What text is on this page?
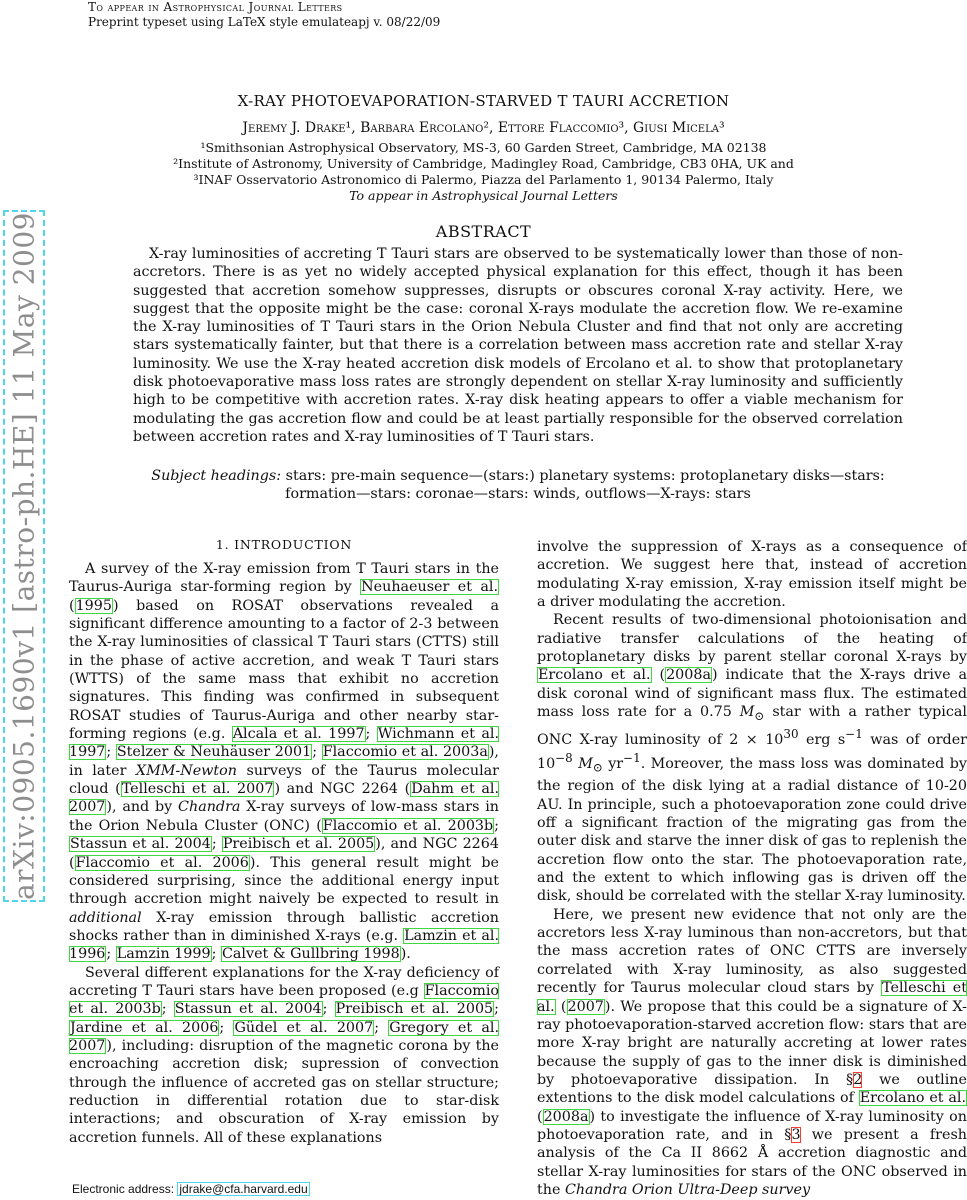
To appear in Astrophysical Journal Letters
Preprint typeset using LaTeX style emulateapj v. 08/22/09
arXiv:0905.1690v1 [astro-ph.HE] 11 May 2009
X-RAY PHOTOEVAPORATION-STARVED T TAURI ACCRETION
Jeremy J. Drake¹, Barbara Ercolano², Ettore Flaccomio³, Giusi Micela³
¹Smithsonian Astrophysical Observatory, MS-3, 60 Garden Street, Cambridge, MA 02138
²Institute of Astronomy, University of Cambridge, Madingley Road, Cambridge, CB3 0HA, UK and
³INAF Osservatorio Astronomico di Palermo, Piazza del Parlamento 1, 90134 Palermo, Italy
To appear in Astrophysical Journal Letters
ABSTRACT
X-ray luminosities of accreting T Tauri stars are observed to be systematically lower than those of non-accretors. There is as yet no widely accepted physical explanation for this effect, though it has been suggested that accretion somehow suppresses, disrupts or obscures coronal X-ray activity. Here, we suggest that the opposite might be the case: coronal X-rays modulate the accretion flow. We re-examine the X-ray luminosities of T Tauri stars in the Orion Nebula Cluster and find that not only are accreting stars systematically fainter, but that there is a correlation between mass accretion rate and stellar X-ray luminosity. We use the X-ray heated accretion disk models of Ercolano et al. to show that protoplanetary disk photoevaporative mass loss rates are strongly dependent on stellar X-ray luminosity and sufficiently high to be competitive with accretion rates. X-ray disk heating appears to offer a viable mechanism for modulating the gas accretion flow and could be at least partially responsible for the observed correlation between accretion rates and X-ray luminosities of T Tauri stars.
Subject headings: stars: pre-main sequence—(stars:) planetary systems: protoplanetary disks—stars: formation—stars: coronae—stars: winds, outflows—X-rays: stars
1. INTRODUCTION

A survey of the X-ray emission from T Tauri stars in the Taurus-Auriga star-forming region by Neuhaeuser et al. (1995) based on ROSAT observations revealed a significant difference amounting to a factor of 2-3 between the X-ray luminosities of classical T Tauri stars (CTTS) still in the phase of active accretion, and weak T Tauri stars (WTTS) of the same mass that exhibit no accretion signatures. This finding was confirmed in subsequent ROSAT studies of Taurus-Auriga and other nearby star-forming regions (e.g. Alcala et al. 1997; Wichmann et al. 1997; Stelzer & Neuhäuser 2001; Flaccomio et al. 2003a), in later XMM-Newton surveys of the Taurus molecular cloud (Telleschi et al. 2007) and NGC 2264 (Dahm et al. 2007), and by Chandra X-ray surveys of low-mass stars in the Orion Nebula Cluster (ONC) (Flaccomio et al. 2003b; Stassun et al. 2004; Preibisch et al. 2005), and NGC 2264 (Flaccomio et al. 2006). This general result might be considered surprising, since the additional energy input through accretion might naively be expected to result in additional X-ray emission through ballistic accretion shocks rather than in diminished X-rays (e.g. Lamzin et al. 1996; Lamzin 1999; Calvet & Gullbring 1998).

Several different explanations for the X-ray deficiency of accreting T Tauri stars have been proposed (e.g Flaccomio et al. 2003b; Stassun et al. 2004; Preibisch et al. 2005; Jardine et al. 2006; Güdel et al. 2007; Gregory et al. 2007), including: disruption of the magnetic corona by the encroaching accretion disk; supression of convection through the influence of accreted gas on stellar structure; reduction in differential rotation due to star-disk interactions; and obscuration of X-ray emission by accretion funnels. All of these explanations

involve the suppression of X-rays as a consequence of accretion. We suggest here that, instead of accretion modulating X-ray emission, X-ray emission itself might be a driver modulating the accretion.

Recent results of two-dimensional photoionisation and radiative transfer calculations of the heating of protoplanetary disks by parent stellar coronal X-rays by Ercolano et al. (2008a) indicate that the X-rays drive a disk coronal wind of significant mass flux. The estimated mass loss rate for a 0.75 $M_⊙$ star with a rather typical ONC X-ray luminosity of $2 \times 10^{30}$ erg $s^{-1}$ was of order $10^{-8}$ $M_⊙$ $yr^{-1}$. Moreover, the mass loss was dominated by the region of the disk lying at a radial distance of 10-20 AU. In principle, such a photoevaporation zone could drive off a significant fraction of the migrating gas from the outer disk and starve the inner disk of gas to replenish the accretion flow onto the star. The photoevaporation rate, and the extent to which inflowing gas is driven off the disk, should be correlated with the stellar X-ray luminosity.

Here, we present new evidence that not only are the accretors less X-ray luminous than non-accretors, but that the mass accretion rates of ONC CTTS are inversely correlated with X-ray luminosity, as also suggested recently for Taurus molecular cloud stars by Telleschi et al. (2007). We propose that this could be a signature of X-ray photoevaporation-starved accretion flow: stars that are more X-ray bright are naturally accreting at lower rates because the supply of gas to the inner disk is diminished by photoevaporative dissipation. In §2 we outline extentions to the disk model calculations of Ercolano et al. (2008a) to investigate the influence of X-ray luminosity on photoevaporation rate, and in §3 we present a fresh analysis of the Ca II 8662 Å accretion diagnostic and stellar X-ray luminosities for stars of the ONC observed in the Chandra Orion Ultra-Deep survey

Electronic address: jdrake@cfa.harvard.edu
